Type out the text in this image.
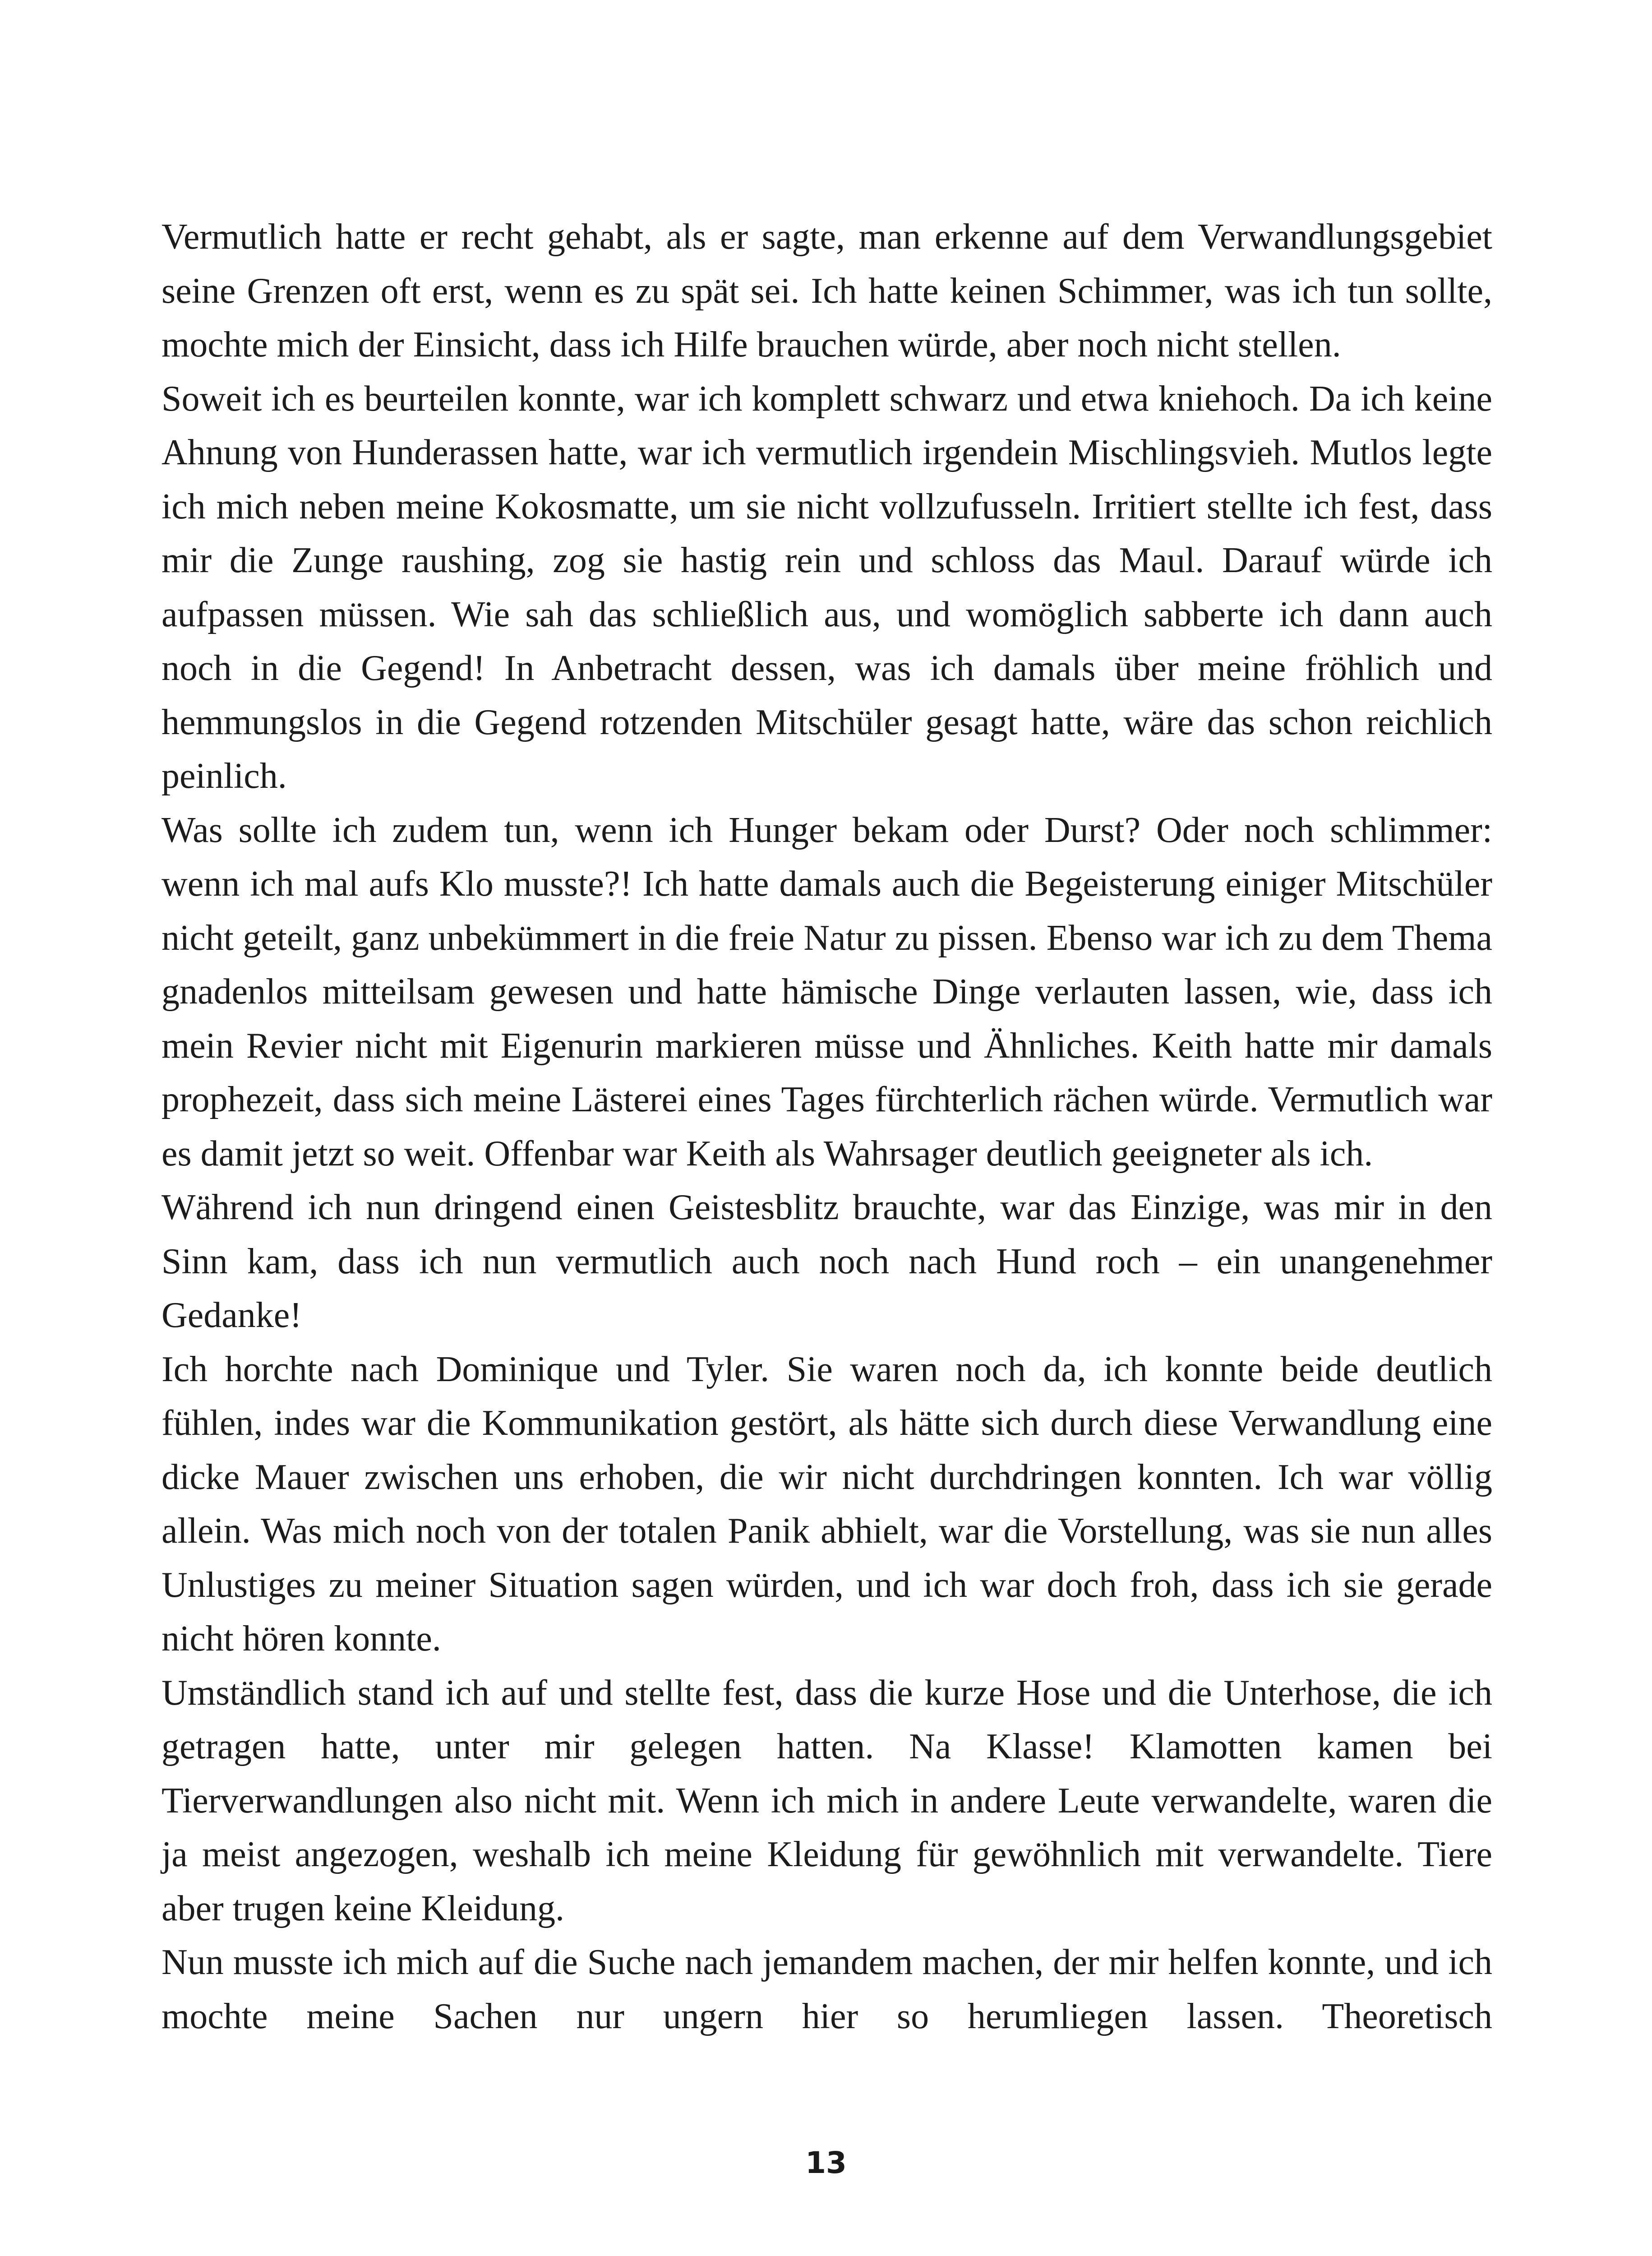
Vermutlich hatte er recht gehabt, als er sagte, man erkenne auf dem Verwandlungsgebiet seine Grenzen oft erst, wenn es zu spät sei. Ich hatte keinen Schimmer, was ich tun sollte, mochte mich der Einsicht, dass ich Hilfe brauchen würde, aber noch nicht stellen.

Soweit ich es beurteilen konnte, war ich komplett schwarz und etwa kniehoch. Da ich keine Ahnung von Hunderassen hatte, war ich vermutlich irgendein Mischlingsvieh. Mutlos legte ich mich neben meine Kokosmatte, um sie nicht vollzufusseln. Irritiert stellte ich fest, dass mir die Zunge raushing, zog sie hastig rein und schloss das Maul. Darauf würde ich aufpassen müssen. Wie sah das schließlich aus, und womöglich sabberte ich dann auch noch in die Gegend! In Anbetracht dessen, was ich damals über meine fröhlich und hemmungslos in die Gegend rotzenden Mitschüler gesagt hatte, wäre das schon reichlich peinlich.

Was sollte ich zudem tun, wenn ich Hunger bekam oder Durst? Oder noch schlimmer: wenn ich mal aufs Klo musste?! Ich hatte damals auch die Begeisterung einiger Mitschüler nicht geteilt, ganz unbekümmert in die freie Natur zu pissen. Ebenso war ich zu dem Thema gnadenlos mitteilsam gewesen und hatte hämische Dinge verlauten lassen, wie, dass ich mein Revier nicht mit Eigenurin markieren müsse und Ähnliches. Keith hatte mir damals prophezeit, dass sich meine Lästerei eines Tages fürchterlich rächen würde. Vermutlich war es damit jetzt so weit. Offenbar war Keith als Wahrsager deutlich geeigneter als ich.

Während ich nun dringend einen Geistesblitz brauchte, war das Einzige, was mir in den Sinn kam, dass ich nun vermutlich auch noch nach Hund roch – ein unangenehmer Gedanke!

Ich horchte nach Dominique und Tyler. Sie waren noch da, ich konnte beide deutlich fühlen, indes war die Kommunikation gestört, als hätte sich durch diese Verwandlung eine dicke Mauer zwischen uns erhoben, die wir nicht durchdringen konnten. Ich war völlig allein. Was mich noch von der totalen Panik abhielt, war die Vorstellung, was sie nun alles Unlustiges zu meiner Situation sagen würden, und ich war doch froh, dass ich sie gerade nicht hören konnte.

Umständlich stand ich auf und stellte fest, dass die kurze Hose und die Unterhose, die ich getragen hatte, unter mir gelegen hatten. Na Klasse! Klamotten kamen bei Tierverwandlungen also nicht mit. Wenn ich mich in andere Leute verwandelte, waren die ja meist angezogen, weshalb ich meine Kleidung für gewöhnlich mit verwandelte. Tiere aber trugen keine Kleidung.

Nun musste ich mich auf die Suche nach jemandem machen, der mir helfen konnte, und ich mochte meine Sachen nur ungern hier so herumliegen lassen. Theoretisch

13
